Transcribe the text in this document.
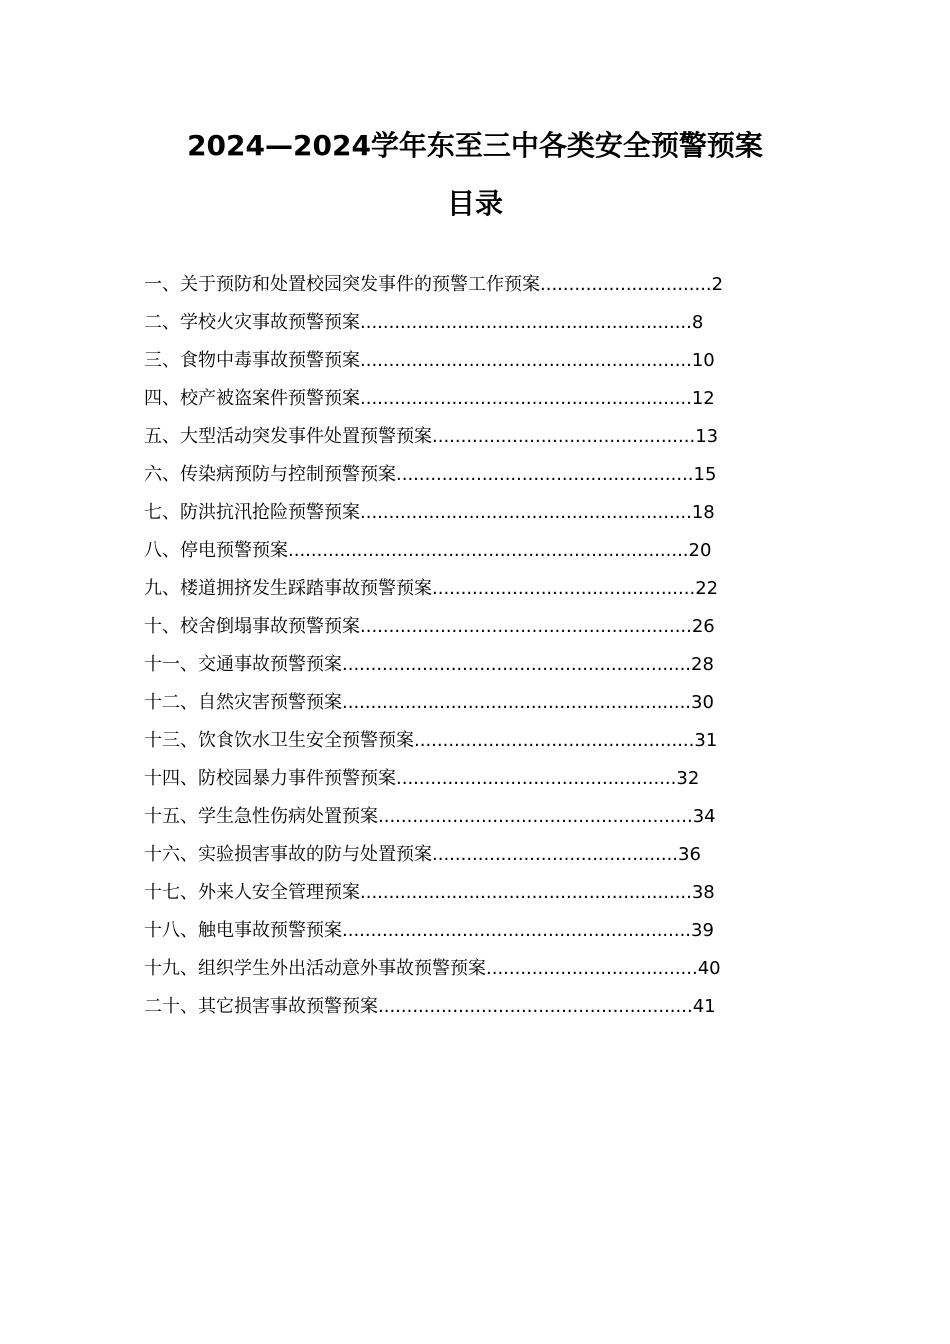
2024—2024学年东至三中各类安全预警预案
目录
一、关于预防和处置校园突发事件的预警工作预案..............................2
二、学校火灾事故预警预案..........................................................8
三、食物中毒事故预警预案..........................................................10
四、校产被盗案件预警预案..........................................................12
五、大型活动突发事件处置预警预案..............................................13
六、传染病预防与控制预警预案....................................................15
七、防洪抗汛抢险预警预案..........................................................18
八、停电预警预案......................................................................20
九、楼道拥挤发生踩踏事故预警预案..............................................22
十、校舍倒塌事故预警预案..........................................................26
十一、交通事故预警预案.............................................................28
十二、自然灾害预警预案.............................................................30
十三、饮食饮水卫生安全预警预案.................................................31
十四、防校园暴力事件预警预案.................................................32
十五、学生急性伤病处置预案.......................................................34
十六、实验损害事故的防与处置预案...........................................36
十七、外来人安全管理预案..........................................................38
十八、触电事故预警预案.............................................................39
十九、组织学生外出活动意外事故预警预案.....................................40
二十、其它损害事故预警预案.......................................................41
